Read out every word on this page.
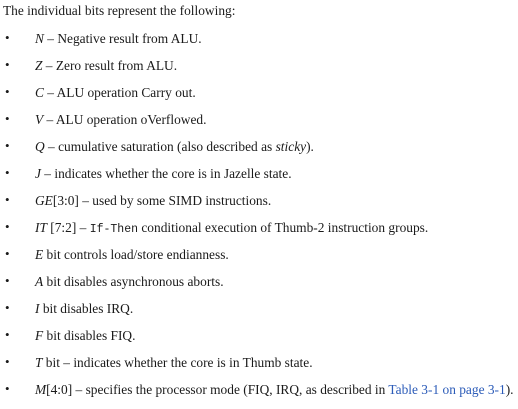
The individual bits represent the following:
• N – Negative result from ALU.
• Z – Zero result from ALU.
• C – ALU operation Carry out.
• V – ALU operation oVerflowed.
• Q – cumulative saturation (also described as sticky).
• J – indicates whether the core is in Jazelle state.
• GE[3:0] – used by some SIMD instructions.
• IT [7:2] – If-Then conditional execution of Thumb-2 instruction groups.
• E bit controls load/store endianness.
• A bit disables asynchronous aborts.
• I bit disables IRQ.
• F bit disables FIQ.
• T bit – indicates whether the core is in Thumb state.
• M[4:0] – specifies the processor mode (FIQ, IRQ, as described in Table 3-1 on page 3-1).
